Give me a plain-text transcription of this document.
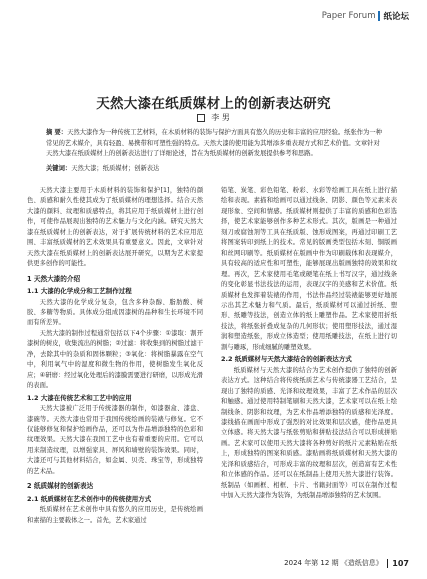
Paper Forum 纸论坛
天然大漆在纸质媒材上的创新表达研究
李 男
摘 要：天然大漆作为一种传统工艺材料，在木质材料的装饰与保护方面具有悠久的历史和丰富的应用经验。纸张作为一种常见的艺术媒介，具有轻盈、易携带和可塑性强的特点。天然大漆的使用能为其增添多重表现方式和艺术价值。文章针对天然大漆在纸质媒材上的创新表达进行了详细论述，旨在为纸质媒材的创新发展提供参考和思路。
关键词：天然大漆；纸质媒材；创新表达

天然大漆主要用于木质材料的装饰和保护[1]，独特的颜色、质感和耐久性使其成为了纸质媒材的理想选择。结合天然大漆的颜料、纹理和质感特点，将其应用于纸质媒材上进行创作，可使作品展现出独特的艺术魅力与文化内涵。研究天然大漆在纸质媒材上的创新表达，对于扩展传统材料的艺术应用范围、丰富纸质媒材的艺术效果具有重要意义。因此，文章针对天然大漆在纸质媒材上的创新表达展开研究，以期为艺术家提供更多创作的可能性。

1 天然大漆的介绍
1.1 大漆的化学成分和工艺制作过程

天然大漆的化学成分复杂，包含多种杂醇、脂肪酸、树胶、多糖等物质。具体成分组成因漆树的品种和生长环境不同而有所差异。

天然大漆的制作过程通常包括以下4个步骤：①漆取：割开漆树的树皮，收集流出的树脂；②过滤：将收集到的树脂过滤干净，去除其中的杂质和固体颗粒；③氧化：将树脂暴露在空气中，利用氧气中的湿度和微生物的作用，使树脂发生氧化反应；④研磨：经过氧化处理后的漆膜需要进行研磨，以形成光滑的表面。

1.2 大漆在传统艺术和工艺中的应用

天然大漆被广泛用于传统漆器的制作，如漆器盒、漆盘、漆碗等。天然大漆也常用于我国传统绘画的装裱与修复。它不仅能够修复和保护绘画作品，还可以为作品增添独特的色彩和纹理效果。天然大漆在我国工艺中也有着重要的应用。它可以用来制造纹理，以增强家具、屏风和墙壁的装饰效果。同时，大漆还可与其他材料结合，如金属、贝壳、珠宝等，形成独特的艺术品。

2 纸质媒材的创新表达
2.1 纸质媒材在艺术创作中的传统使用方式

纸质媒材在艺术创作中具有悠久的应用历史，是传统绘画和素描的主要载体之一。首先，艺术家通过

铅笔、炭笔、彩色铅笔、粉彩、水彩等绘画工具在纸上进行描绘和表现。素描和绘画可以通过线条、阴影、颜色等元素来表现形象、空间和情感。纸质媒材则提供了丰富的质感和色彩选择，使艺术家能够创作多种艺术形式。其次，版画是一种通过刻刀或腐蚀剂等工具在纸质版、蚀形成图案，再通过印刷工艺将图案转印到纸上的技术。常见的版画类型包括木刻、铜版画和丝网印刷等。纸质媒材在版画中作为印刷载体和表现媒介，具有较高的适应性和可塑性，能够展现出版画独特的效果和纹理。再次，艺术家使用毛笔或硬笔在纸上书写汉字，通过线条的变化彰显书法技法的运用，表现汉字的美感和艺术价值。纸质媒材也发挥着装裱的作用，书法作品经过装裱能够更好地展示出其艺术魅力和气质。最后，纸质媒材可以通过折纸、塑形、纸雕等技法，创造立体的纸上雕塑作品。艺术家使用折纸技法，将纸张折叠成复杂的几何形状；使用塑形技法，通过湿润和塑造纸张，形成立体造型；使用纸雕技法，在纸上进行切割与雕琢，形成细腻的雕塑效果。

2.2 纸质媒材与天然大漆结合的创新表达方式

纸质媒材与天然大漆的结合为艺术创作提供了独特的创新表达方式。这种结合将传统纸质艺术与传统漆器工艺结合，呈现出了独特的质感、光泽和纹理效果，丰富了艺术作品的层次和触感。通过使用特制笔刷和天然大漆，艺术家可以在纸上绘制线条、阴影和纹理，为艺术作品增添独特的质感和光泽度。漆线描在画面中形成了强烈的对比效果和层次感，使作品更具立体感。将天然大漆与纸张剪贴和拼贴技法结合可以形成拼贴画。艺术家可以使用天然大漆将各种剪好的纸片元素粘贴在纸上，形成独特的图案和质感。漆贴画将纸质媒材和天然大漆的光泽和质感结合，可形成丰富的纹理和层次，创造富有艺术性和立体感的作品。还可以在纸制品上使用天然大漆进行装饰。纸制品（如画框、相框、卡片、书籍封面等）可以在制作过程中加入天然大漆作为装饰，为纸制品增添独特的艺术氛围。

2024 年第 12 期 《造纸信息》 107
